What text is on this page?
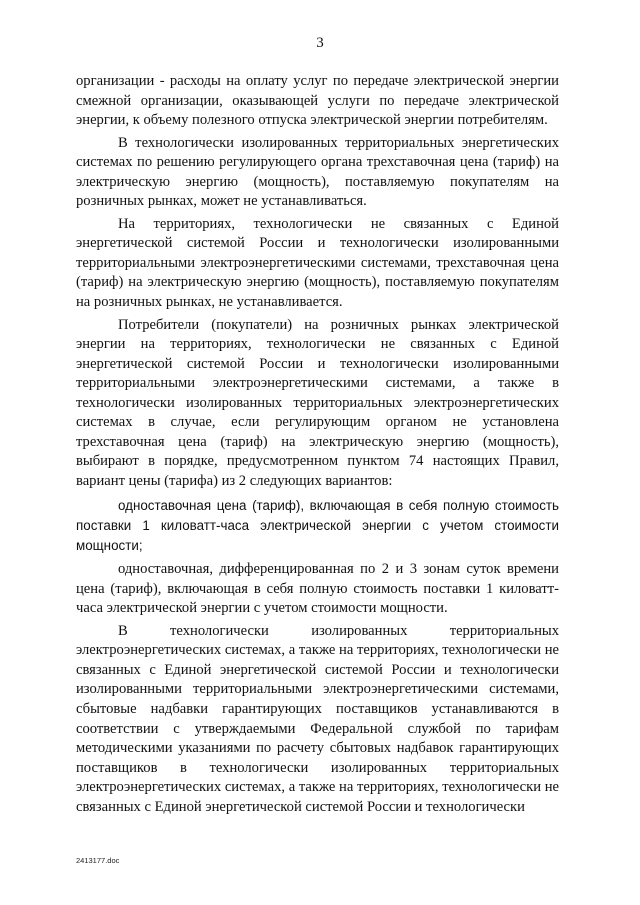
3

организации - расходы на оплату услуг по передаче электрической энергии смежной организации, оказывающей услуги по передаче электрической энергии, к объему полезного отпуска электрической энергии потребителям.

В технологически изолированных территориальных энергетических системах по решению регулирующего органа трехставочная цена (тариф) на электрическую энергию (мощность), поставляемую покупателям на розничных рынках, может не устанавливаться.

На территориях, технологически не связанных с Единой энергетической системой России и технологически изолированными территориальными электроэнергетическими системами, трехставочная цена (тариф) на электрическую энергию (мощность), поставляемую покупателям на розничных рынках, не устанавливается.

Потребители (покупатели) на розничных рынках электрической энергии на территориях, технологически не связанных с Единой энергетической системой России и технологически изолированными территориальными электроэнергетическими системами, а также в технологически изолированных территориальных электроэнергетических системах в случае, если регулирующим органом не установлена трехставочная цена (тариф) на электрическую энергию (мощность), выбирают в порядке, предусмотренном пунктом 74 настоящих Правил, вариант цены (тарифа) из 2 следующих вариантов:

одноставочная цена (тариф), включающая в себя полную стоимость поставки 1 киловатт-часа электрической энергии с учетом стоимости мощности;

одноставочная, дифференцированная по 2 и 3 зонам суток времени цена (тариф), включающая в себя полную стоимость поставки 1 киловатт-часа электрической энергии с учетом стоимости мощности.

В технологически изолированных территориальных электроэнергетических системах, а также на территориях, технологически не связанных с Единой энергетической системой России и технологически изолированными территориальными электроэнергетическими системами, сбытовые надбавки гарантирующих поставщиков устанавливаются в соответствии с утверждаемыми Федеральной службой по тарифам методическими указаниями по расчету сбытовых надбавок гарантирующих поставщиков в технологически изолированных территориальных электроэнергетических системах, а также на территориях, технологически не связанных с Единой энергетической системой России и технологически

2413177.doc
